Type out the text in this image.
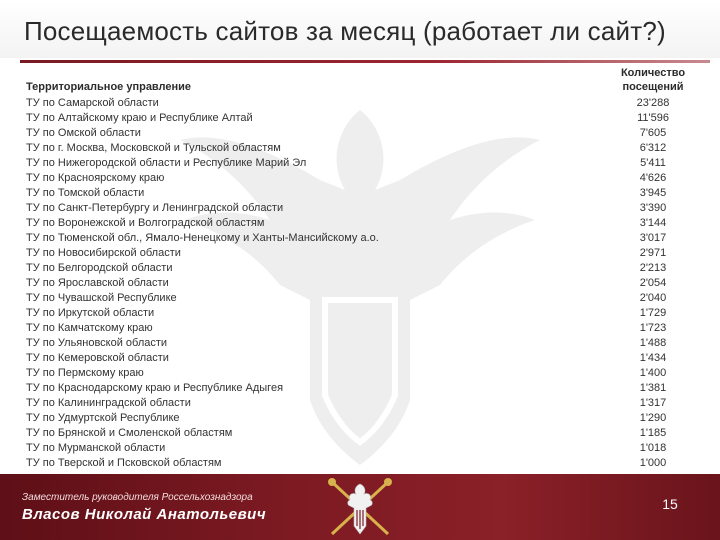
Посещаемость сайтов за месяц (работает ли сайт?)
Территориальное управление
Количество
посещений
ТУ по Самарской области	23'288
ТУ по Алтайскому краю и Республике Алтай	11'596
ТУ по Омской области	7'605
ТУ по г. Москва, Московской и Тульской областям	6'312
ТУ по Нижегородской области и Республике Марий Эл	5'411
ТУ по Красноярскому краю	4'626
ТУ по Томской области	3'945
ТУ по Санкт-Петербургу и Ленинградской области	3'390
ТУ по Воронежской и Волгоградской областям	3'144
ТУ по Тюменской обл., Ямало-Ненецкому и Ханты-Мансийскому а.о.	3'017
ТУ по Новосибирской области	2'971
ТУ по Белгородской области	2'213
ТУ по Ярославской области	2'054
ТУ по Чувашской Республике	2'040
ТУ по Иркутской области	1'729
ТУ по Камчатскому краю	1'723
ТУ по Ульяновской области	1'488
ТУ по Кемеровской области	1'434
ТУ по Пермскому краю	1'400
ТУ по Краснодарскому краю и Республике Адыгея	1'381
ТУ по Калининградской области	1'317
ТУ по Удмуртской Республике	1'290
ТУ по Брянской и Смоленской областям	1'185
ТУ по Мурманской области	1'018
ТУ по Тверской и Псковской областям	1'000
Заместитель руководителя Россельхознадзора
Власов Николай Анатольевич
15
